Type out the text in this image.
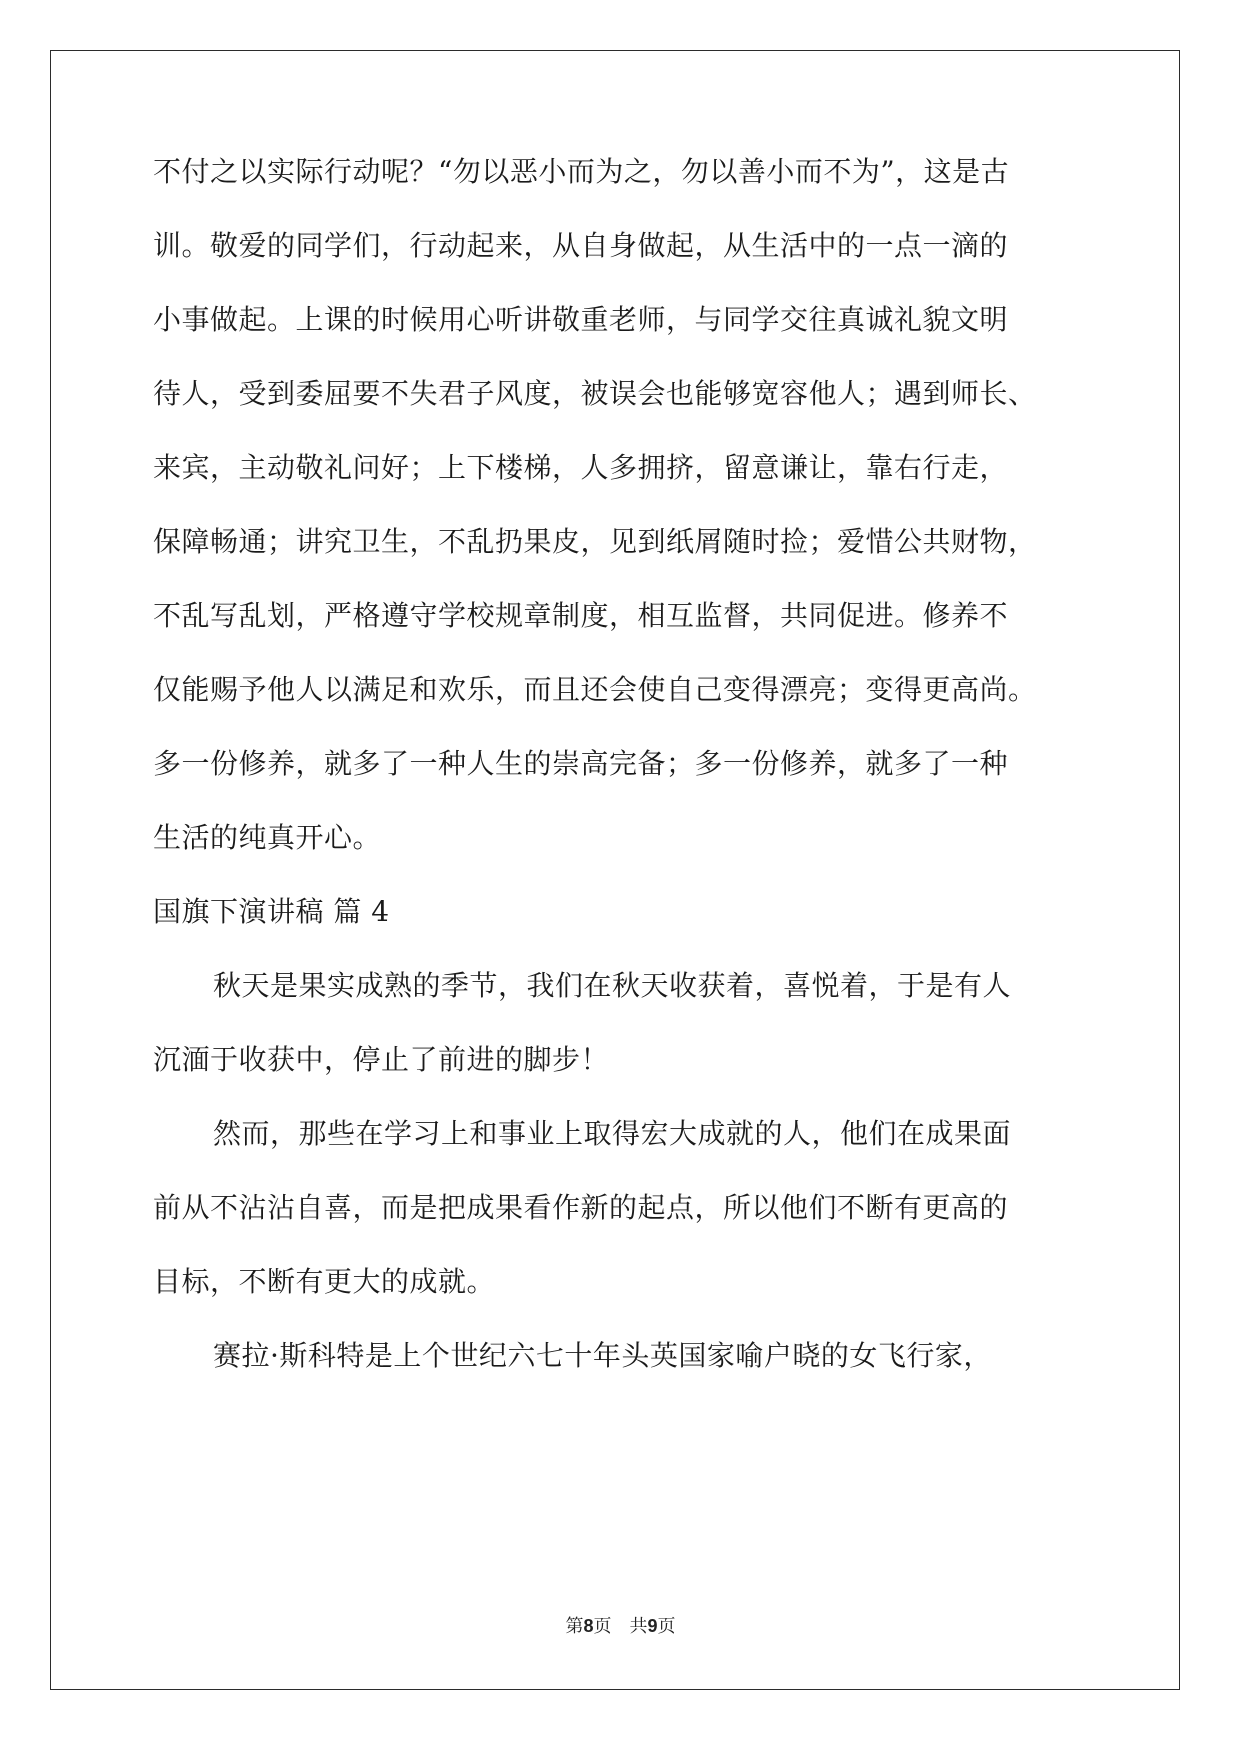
不付之以实际行动呢？“勿以恶小而为之，勿以善小而不为”，这是古
训。敬爱的同学们，行动起来，从自身做起，从生活中的一点一滴的
小事做起。上课的时候用心听讲敬重老师，与同学交往真诚礼貌文明
待人，受到委屈要不失君子风度，被误会也能够宽容他人；遇到师长、
来宾，主动敬礼问好；上下楼梯，人多拥挤，留意谦让，靠右行走，
保障畅通；讲究卫生，不乱扔果皮，见到纸屑随时捡；爱惜公共财物，
不乱写乱划，严格遵守学校规章制度，相互监督，共同促进。修养不
仅能赐予他人以满足和欢乐，而且还会使自己变得漂亮；变得更高尚。
多一份修养，就多了一种人生的崇高完备；多一份修养，就多了一种
生活的纯真开心。
国旗下演讲稿 篇 4
秋天是果实成熟的季节，我们在秋天收获着，喜悦着，于是有人
沉湎于收获中，停止了前进的脚步！
然而，那些在学习上和事业上取得宏大成就的人，他们在成果面
前从不沾沾自喜，而是把成果看作新的起点，所以他们不断有更高的
目标，不断有更大的成就。
赛拉·斯科特是上个世纪六七十年头英国家喻户晓的女飞行家，
第8页 共9页
